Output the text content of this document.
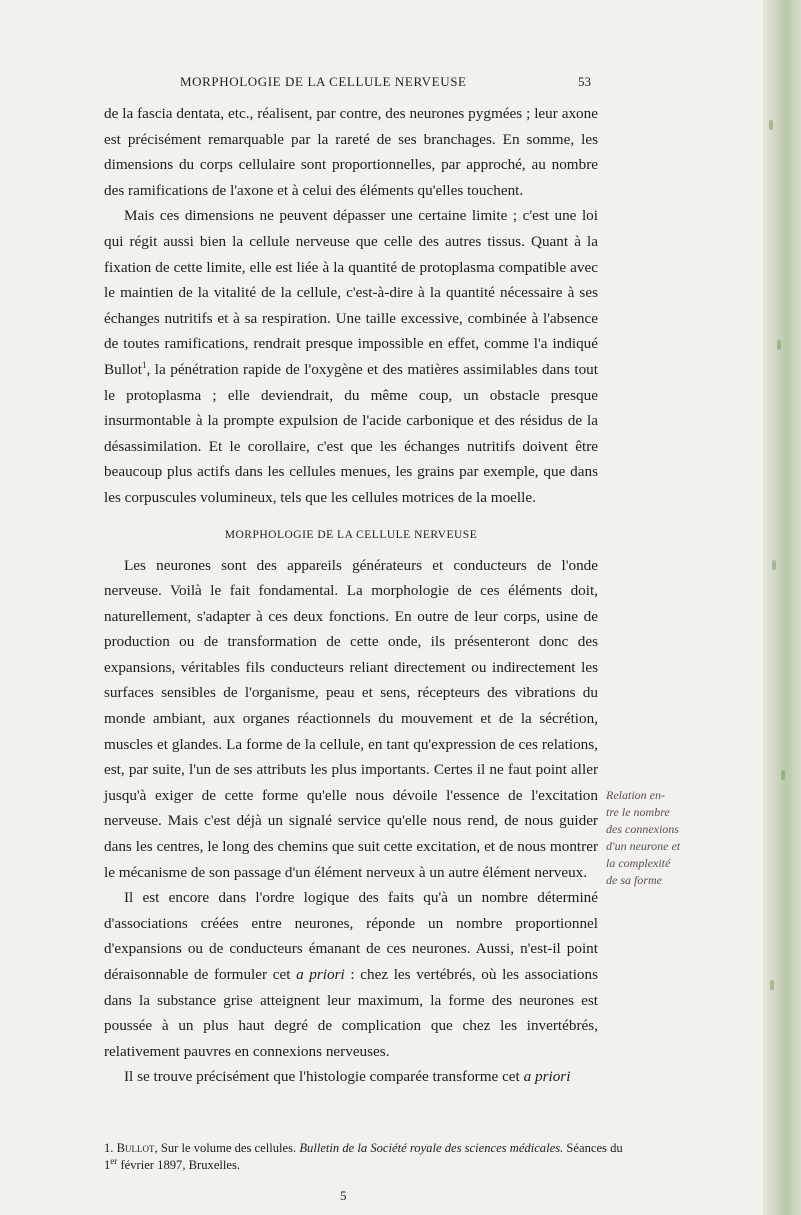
MORPHOLOGIE DE LA CELLULE NERVEUSE	53

de la fascia dentata, etc., réalisent, par contre, des neurones pygmées ; leur axone est précisément remarquable par la rareté de ses branchages. En somme, les dimensions du corps cellulaire sont proportionnelles, par approché, au nombre des ramifications de l'axone et à celui des éléments qu'elles touchent.

Mais ces dimensions ne peuvent dépasser une certaine limite ; c'est une loi qui régit aussi bien la cellule nerveuse que celle des autres tissus. Quant à la fixation de cette limite, elle est liée à la quantité de protoplasma compatible avec le maintien de la vitalité de la cellule, c'est-à-dire à la quantité nécessaire à ses échanges nutritifs et à sa respiration. Une taille excessive, combinée à l'absence de toutes ramifications, rendrait presque impossible en effet, comme l'a indiqué Bullot$^1$, la pénétration rapide de l'oxygène et des matières assimilables dans tout le protoplasma ; elle deviendrait, du même coup, un obstacle presque insurmontable à la prompte expulsion de l'acide carbonique et des résidus de la désassimilation. Et le corollaire, c'est que les échanges nutritifs doivent être beaucoup plus actifs dans les cellules menues, les grains par exemple, que dans les corpuscules volumineux, tels que les cellules motrices de la moelle.

MORPHOLOGIE DE LA CELLULE NERVEUSE

Les neurones sont des appareils générateurs et conducteurs de l'onde nerveuse. Voilà le fait fondamental. La morphologie de ces éléments doit, naturellement, s'adapter à ces deux fonctions. En outre de leur corps, usine de production ou de transformation de cette onde, ils présenteront donc des expansions, véritables fils conducteurs reliant directement ou indirectement les surfaces sensibles de l'organisme, peau et sens, récepteurs des vibrations du monde ambiant, aux organes réactionnels du mouvement et de la sécrétion, muscles et glandes. La forme de la cellule, en tant qu'expression de ces relations, est, par suite, l'un de ses attributs les plus importants. Certes il ne faut point aller jusqu'à exiger de cette forme qu'elle nous dévoile l'essence de l'excitation nerveuse. Mais c'est déjà un signalé service qu'elle nous rend, de nous guider dans les centres, le long des chemins que suit cette excitation, et de nous montrer le mécanisme de son passage d'un élément nerveux à un autre élément nerveux.

Il est encore dans l'ordre logique des faits qu'à un nombre déterminé d'associations créées entre neurones, réponde un nombre proportionnel d'expansions ou de conducteurs émanant de ces neurones. Aussi, n'est-il point déraisonnable de formuler cet a priori : chez les vertébrés, où les associations dans la substance grise atteignent leur maximum, la forme des neurones est poussée à un plus haut degré de complication que chez les invertébrés, relativement pauvres en connexions nerveuses.

Il se trouve précisément que l'histologie comparée transforme cet a priori

Relation en-
tre le nombre
des connexions
d'un neurone et
la complexité
de sa forme
1. Bullot, Sur le volume des cellules. Bulletin de la Société royale des sciences médicales. Séances du 1er février 1897, Bruxelles.
5
